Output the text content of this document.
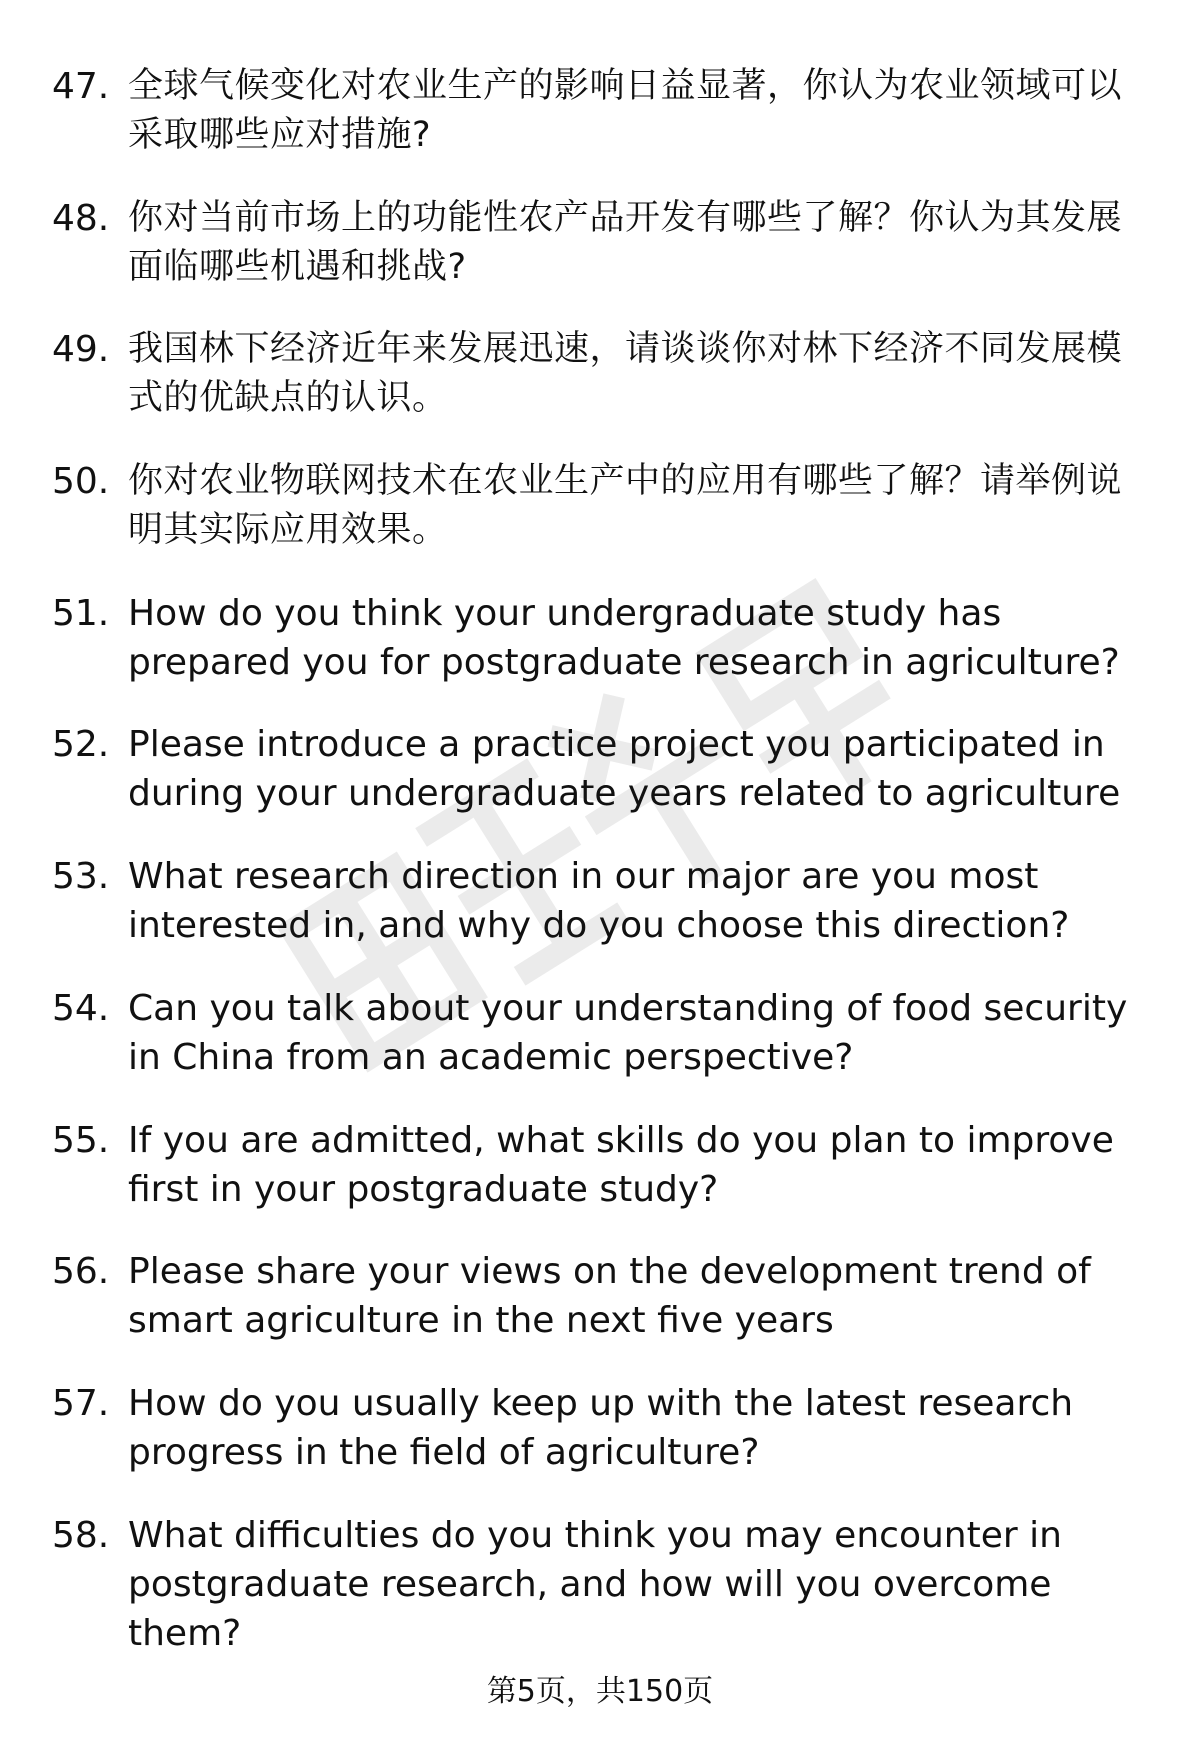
47. 全球气候变化对农业生产的影响日益显著，你认为农业领域可以采取哪些应对措施?
48. 你对当前市场上的功能性农产品开发有哪些了解？你认为其发展面临哪些机遇和挑战?
49. 我国林下经济近年来发展迅速，请谈谈你对林下经济不同发展模式的优缺点的认识。
50. 你对农业物联网技术在农业生产中的应用有哪些了解？请举例说明其实际应用效果。
51. How do you think your undergraduate study has prepared you for postgraduate research in agriculture?
52. Please introduce a practice project you participated in during your undergraduate years related to agriculture
53. What research direction in our major are you most interested in, and why do you choose this direction?
54. Can you talk about your understanding of food security in China from an academic perspective?
55. If you are admitted, what skills do you plan to improve first in your postgraduate study?
56. Please share your views on the development trend of smart agriculture in the next five years
57. How do you usually keep up with the latest research progress in the field of agriculture?
58. What difficulties do you think you may encounter in postgraduate research, and how will you overcome them?
第5页，共150页
